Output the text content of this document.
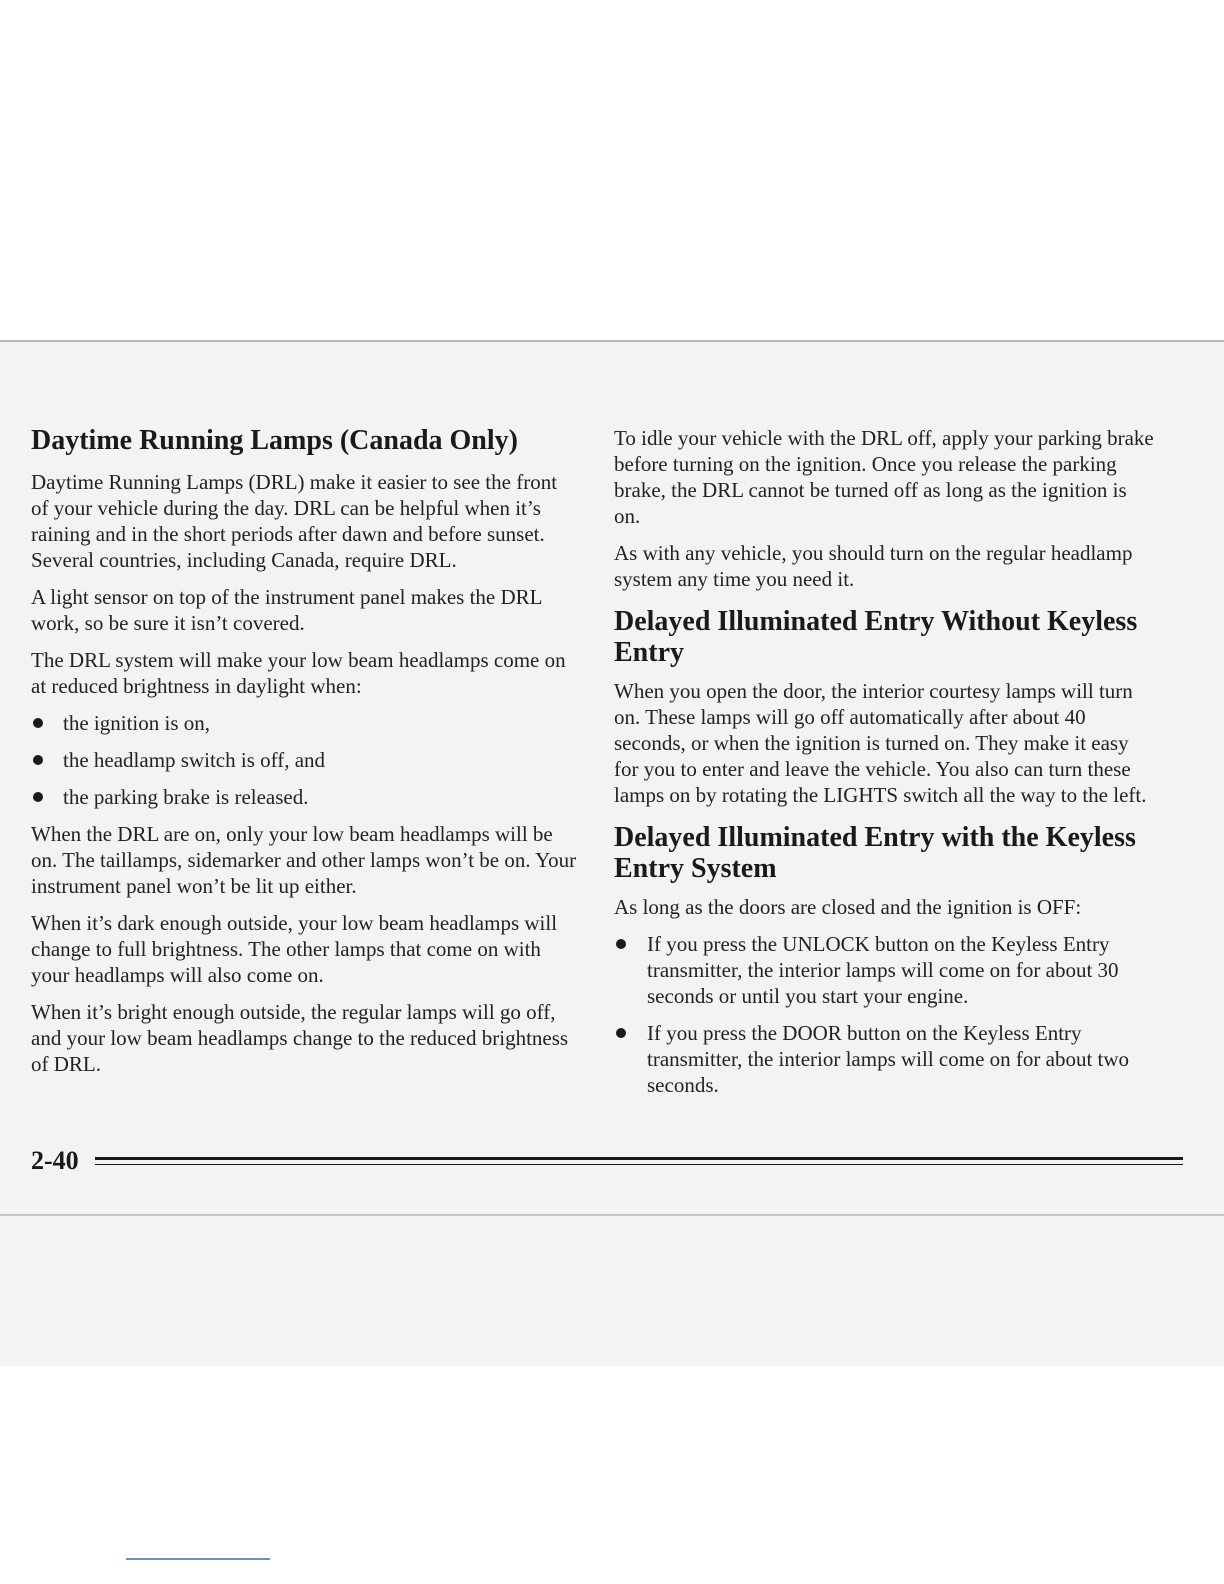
Daytime Running Lamps (Canada Only)

Daytime Running Lamps (DRL) make it easier to see the front of your vehicle during the day. DRL can be helpful when it’s raining and in the short periods after dawn and before sunset. Several countries, including Canada, require DRL.

A light sensor on top of the instrument panel makes the DRL work, so be sure it isn’t covered.

The DRL system will make your low beam headlamps come on at reduced brightness in daylight when:

the ignition is on,
the headlamp switch is off, and
the parking brake is released.

When the DRL are on, only your low beam headlamps will be on. The taillamps, sidemarker and other lamps won’t be on. Your instrument panel won’t be lit up either.

When it’s dark enough outside, your low beam headlamps will change to full brightness. The other lamps that come on with your headlamps will also come on.

When it’s bright enough outside, the regular lamps will go off, and your low beam headlamps change to the reduced brightness of DRL.

To idle your vehicle with the DRL off, apply your parking brake before turning on the ignition. Once you release the parking brake, the DRL cannot be turned off as long as the ignition is on.

As with any vehicle, you should turn on the regular headlamp system any time you need it.

Delayed Illuminated Entry Without Keyless Entry

When you open the door, the interior courtesy lamps will turn on. These lamps will go off automatically after about 40 seconds, or when the ignition is turned on. They make it easy for you to enter and leave the vehicle. You also can turn these lamps on by rotating the LIGHTS switch all the way to the left.

Delayed Illuminated Entry with the Keyless Entry System

As long as the doors are closed and the ignition is OFF:

If you press the UNLOCK button on the Keyless Entry transmitter, the interior lamps will come on for about 30 seconds or until you start your engine.
If you press the DOOR button on the Keyless Entry transmitter, the interior lamps will come on for about two seconds.
2-40
